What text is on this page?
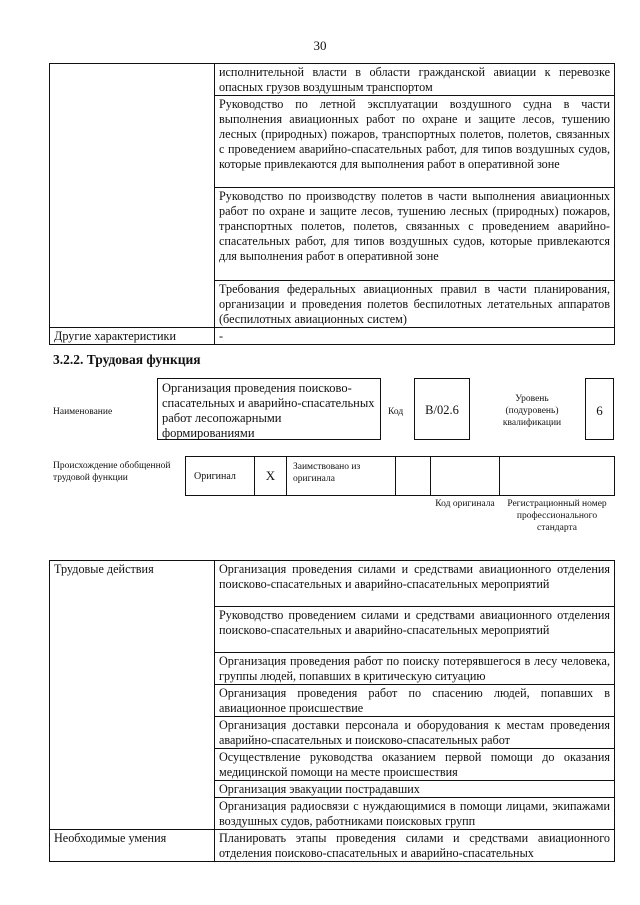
30
	исполнительной власти в области гражданской авиации к перевозке опасных грузов воздушным транспортом
	Руководство по летной эксплуатации воздушного судна в части выполнения авиационных работ по охране и защите лесов, тушению лесных (природных) пожаров, транспортных полетов, полетов, связанных с проведением аварийно-спасательных работ, для типов воздушных судов, которые привлекаются для выполнения работ в оперативной зоне
	Руководство по производству полетов в части выполнения авиационных работ по охране и защите лесов, тушению лесных (природных) пожаров, транспортных полетов, полетов, связанных с проведением аварийно-спасательных работ, для типов воздушных судов, которые привлекаются для выполнения работ в оперативной зоне
	Требования федеральных авиационных правил в части планирования, организации и проведения полетов беспилотных летательных аппаратов (беспилотных авиационных систем)
Другие характеристики	-
3.2.2. Трудовая функция
Наименование
Организация проведения поисково-спасательных и аварийно-спасательных работ лесопожарными формированиями
Код	B/02.6
Уровень (подуровень) квалификации
6
Происхождение обобщенной трудовой функции	Оригинал	X
Заимствовано из оригинала
Код оригинала	Регистрационный номер профессионального стандарта
Трудовые действия	Организация проведения силами и средствами авиационного отделения поисково-спасательных и аварийно-спасательных мероприятий
	Руководство проведением силами и средствами авиационного отделения поисково-спасательных и аварийно-спасательных мероприятий
	Организация проведения работ по поиску потерявшегося в лесу человека, группы людей, попавших в критическую ситуацию
	Организация проведения работ по спасению людей, попавших в авиационное происшествие
	Организация доставки персонала и оборудования к местам проведения аварийно-спасательных и поисково-спасательных работ
	Осуществление руководства оказанием первой помощи до оказания медицинской помощи на месте происшествия
	Организация эвакуации пострадавших
	Организация радиосвязи с нуждающимися в помощи лицами, экипажами воздушных судов, работниками поисковых групп
Необходимые умения	Планировать этапы проведения силами и средствами авиационного отделения поисково-спасательных и аварийно-спасательных
